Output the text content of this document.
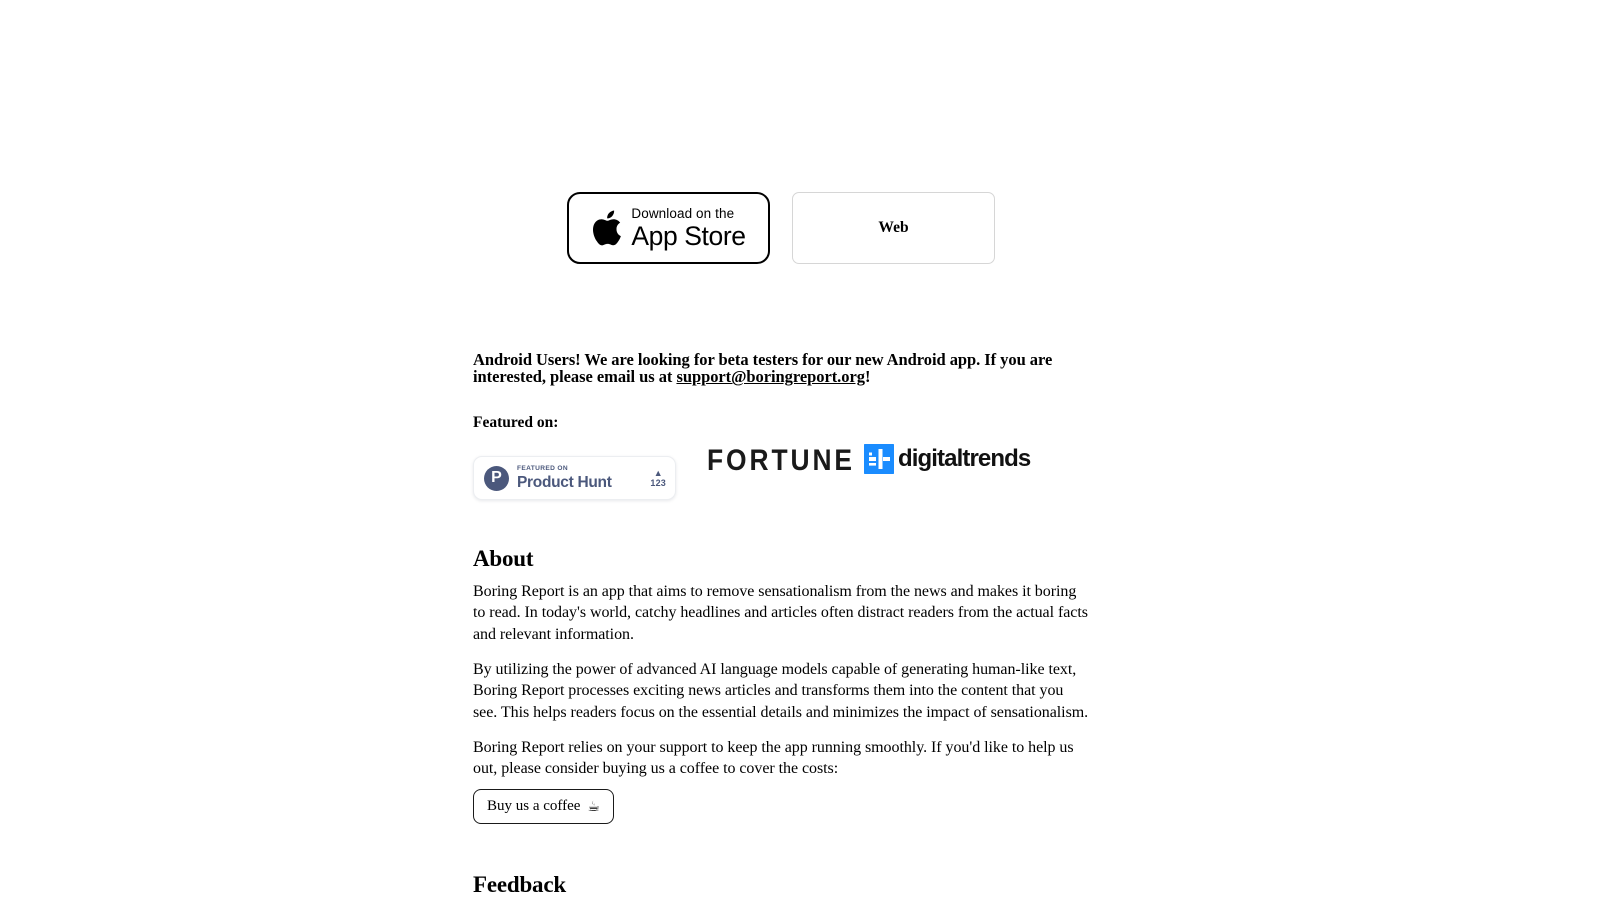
Download on the
App Store	Web

Android Users! We are looking for beta testers for our new Android app. If you are interested, please email us at support@boringreport.org!

Featured on:
P
FEATURED ON
Product Hunt
▲
123
FORTUNE digitaltrends
About

Boring Report is an app that aims to remove sensationalism from the news and makes it boring to read. In today's world, catchy headlines and articles often distract readers from the actual facts and relevant information.

By utilizing the power of advanced AI language models capable of generating human-like text, Boring Report processes exciting news articles and transforms them into the content that you see. This helps readers focus on the essential details and minimizes the impact of sensationalism.

Boring Report relies on your support to keep the app running smoothly. If you'd like to help us out, please consider buying us a coffee to cover the costs:

Buy us a coffee ☕
Feedback
